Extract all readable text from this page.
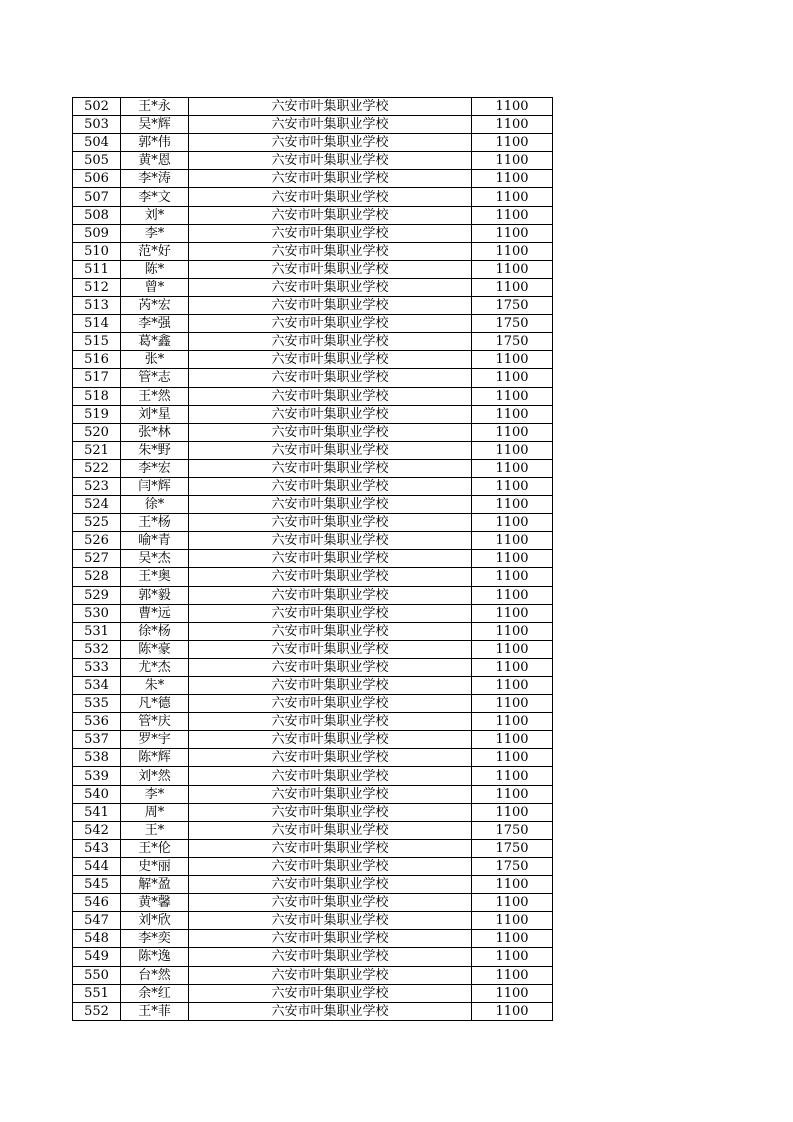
502	王*永	六安市叶集职业学校	1100
503	吴*辉	六安市叶集职业学校	1100
504	郭*伟	六安市叶集职业学校	1100
505	黄*恩	六安市叶集职业学校	1100
506	李*涛	六安市叶集职业学校	1100
507	李*文	六安市叶集职业学校	1100
508	刘*	六安市叶集职业学校	1100
509	李*	六安市叶集职业学校	1100
510	范*好	六安市叶集职业学校	1100
511	陈*	六安市叶集职业学校	1100
512	曾*	六安市叶集职业学校	1100
513	芮*宏	六安市叶集职业学校	1750
514	李*强	六安市叶集职业学校	1750
515	葛*鑫	六安市叶集职业学校	1750
516	张*	六安市叶集职业学校	1100
517	管*志	六安市叶集职业学校	1100
518	王*然	六安市叶集职业学校	1100
519	刘*星	六安市叶集职业学校	1100
520	张*林	六安市叶集职业学校	1100
521	朱*野	六安市叶集职业学校	1100
522	李*宏	六安市叶集职业学校	1100
523	闫*辉	六安市叶集职业学校	1100
524	徐*	六安市叶集职业学校	1100
525	王*杨	六安市叶集职业学校	1100
526	喻*青	六安市叶集职业学校	1100
527	吴*杰	六安市叶集职业学校	1100
528	王*奥	六安市叶集职业学校	1100
529	郭*毅	六安市叶集职业学校	1100
530	曹*远	六安市叶集职业学校	1100
531	徐*杨	六安市叶集职业学校	1100
532	陈*豪	六安市叶集职业学校	1100
533	尤*杰	六安市叶集职业学校	1100
534	朱*	六安市叶集职业学校	1100
535	凡*德	六安市叶集职业学校	1100
536	管*庆	六安市叶集职业学校	1100
537	罗*宇	六安市叶集职业学校	1100
538	陈*辉	六安市叶集职业学校	1100
539	刘*然	六安市叶集职业学校	1100
540	李*	六安市叶集职业学校	1100
541	周*	六安市叶集职业学校	1100
542	王*	六安市叶集职业学校	1750
543	王*伦	六安市叶集职业学校	1750
544	史*丽	六安市叶集职业学校	1750
545	解*盈	六安市叶集职业学校	1100
546	黄*馨	六安市叶集职业学校	1100
547	刘*欣	六安市叶集职业学校	1100
548	李*奕	六安市叶集职业学校	1100
549	陈*逸	六安市叶集职业学校	1100
550	台*然	六安市叶集职业学校	1100
551	余*红	六安市叶集职业学校	1100
552	王*菲	六安市叶集职业学校	1100
